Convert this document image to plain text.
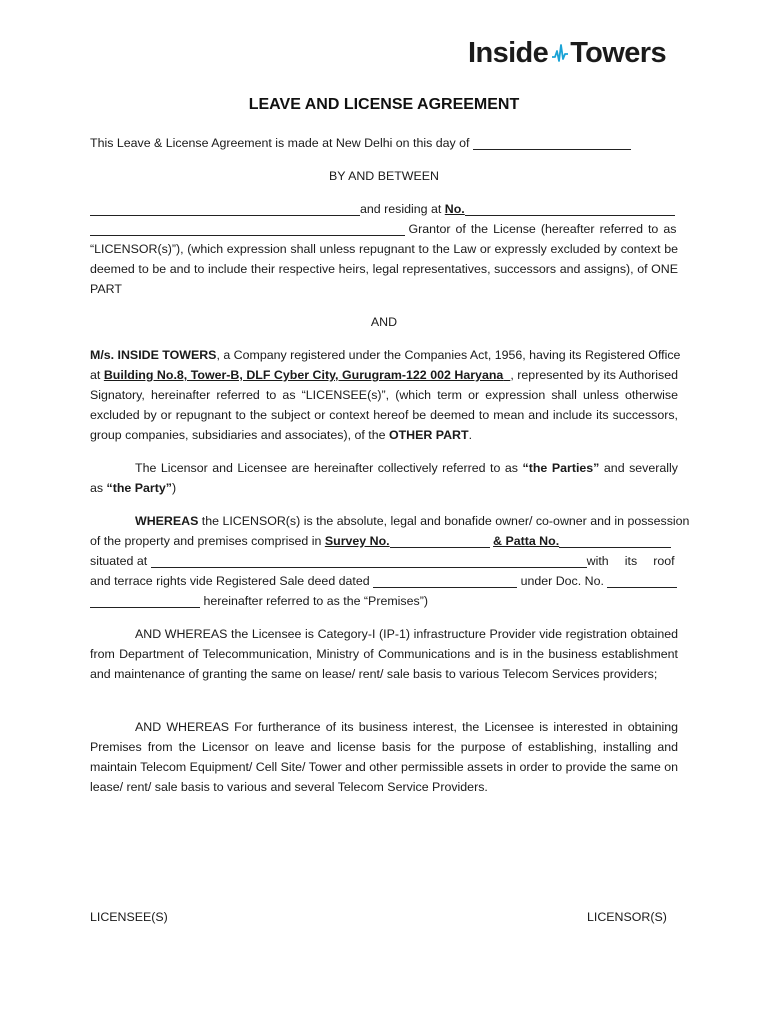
Inside Towers
LEAVE AND LICENSE AGREEMENT
This Leave & License Agreement is made at New Delhi on this day of
BY AND BETWEEN
and residing at No.
Grantor of the License (hereafter referred to as
“LICENSOR(s)”), (which expression shall unless repugnant to the Law or expressly excluded by context be
deemed to be and to include their respective heirs, legal representatives, successors and assigns), of ONE
PART
AND
M/s. INSIDE TOWERS, a Company registered under the Companies Act, 1956, having its Registered Office
at Building No.8, Tower-B, DLF Cyber City, Gurugram-122 002 Haryana , represented by its Authorised
Signatory, hereinafter referred to as “LICENSEE(s)”, (which term or expression shall unless otherwise
excluded by or repugnant to the subject or context hereof be deemed to mean and include its successors,
group companies, subsidiaries and associates), of the OTHER PART.
The Licensor and Licensee are hereinafter collectively referred to as “the Parties” and severally
as “the Party”)
WHEREAS the LICENSOR(s) is the absolute, legal and bonafide owner/ co-owner and in possession
of the property and premises comprised in Survey No.	& Patta No.
situated at	with its roof
and terrace rights vide Registered Sale deed dated	under Doc. No.
hereinafter referred to as the “Premises”)
AND WHEREAS the Licensee is Category-I (IP-1) infrastructure Provider vide registration obtained from Department of Telecommunication, Ministry of Communications and is in the business establishment and maintenance of granting the same on lease/ rent/ sale basis to various Telecom Services providers;
AND WHEREAS For furtherance of its business interest, the Licensee is interested in obtaining Premises from the Licensor on leave and license basis for the purpose of establishing, installing and maintain Telecom Equipment/ Cell Site/ Tower and other permissible assets in order to provide the same on lease/ rent/ sale basis to various and several Telecom Service Providers.
LICENSEE(S)	LICENSOR(S)
